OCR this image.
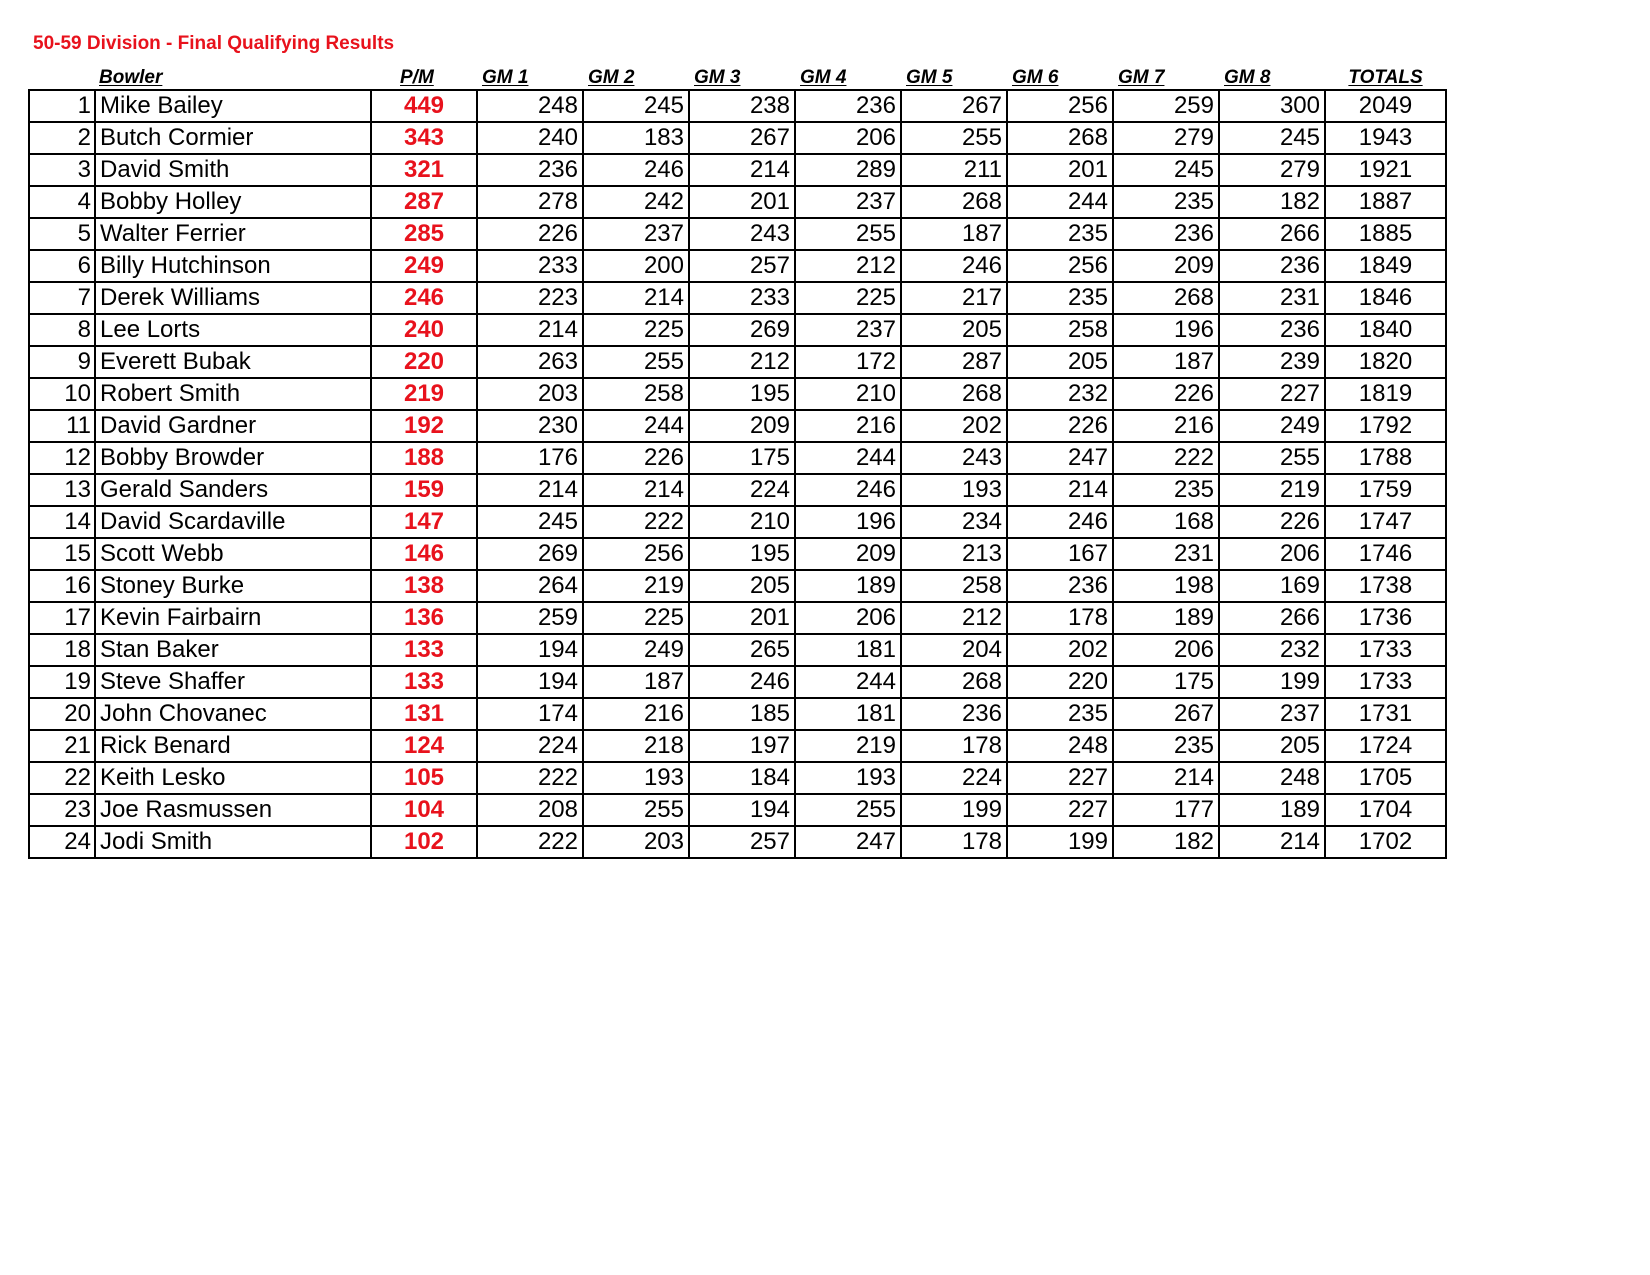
50-59 Division - Final Qualifying Results
	Bowler	P/M	GM 1	GM 2	GM 3	GM 4	GM 5	GM 6	GM 7	GM 8	TOTALS
1	Mike Bailey	449	248	245	238	236	267	256	259	300	2049
2	Butch Cormier	343	240	183	267	206	255	268	279	245	1943
3	David Smith	321	236	246	214	289	211	201	245	279	1921
4	Bobby Holley	287	278	242	201	237	268	244	235	182	1887
5	Walter Ferrier	285	226	237	243	255	187	235	236	266	1885
6	Billy Hutchinson	249	233	200	257	212	246	256	209	236	1849
7	Derek Williams	246	223	214	233	225	217	235	268	231	1846
8	Lee Lorts	240	214	225	269	237	205	258	196	236	1840
9	Everett Bubak	220	263	255	212	172	287	205	187	239	1820
10	Robert Smith	219	203	258	195	210	268	232	226	227	1819
11	David Gardner	192	230	244	209	216	202	226	216	249	1792
12	Bobby Browder	188	176	226	175	244	243	247	222	255	1788
13	Gerald Sanders	159	214	214	224	246	193	214	235	219	1759
14	David Scardaville	147	245	222	210	196	234	246	168	226	1747
15	Scott Webb	146	269	256	195	209	213	167	231	206	1746
16	Stoney Burke	138	264	219	205	189	258	236	198	169	1738
17	Kevin Fairbairn	136	259	225	201	206	212	178	189	266	1736
18	Stan Baker	133	194	249	265	181	204	202	206	232	1733
19	Steve Shaffer	133	194	187	246	244	268	220	175	199	1733
20	John Chovanec	131	174	216	185	181	236	235	267	237	1731
21	Rick Benard	124	224	218	197	219	178	248	235	205	1724
22	Keith Lesko	105	222	193	184	193	224	227	214	248	1705
23	Joe Rasmussen	104	208	255	194	255	199	227	177	189	1704
24	Jodi Smith	102	222	203	257	247	178	199	182	214	1702
